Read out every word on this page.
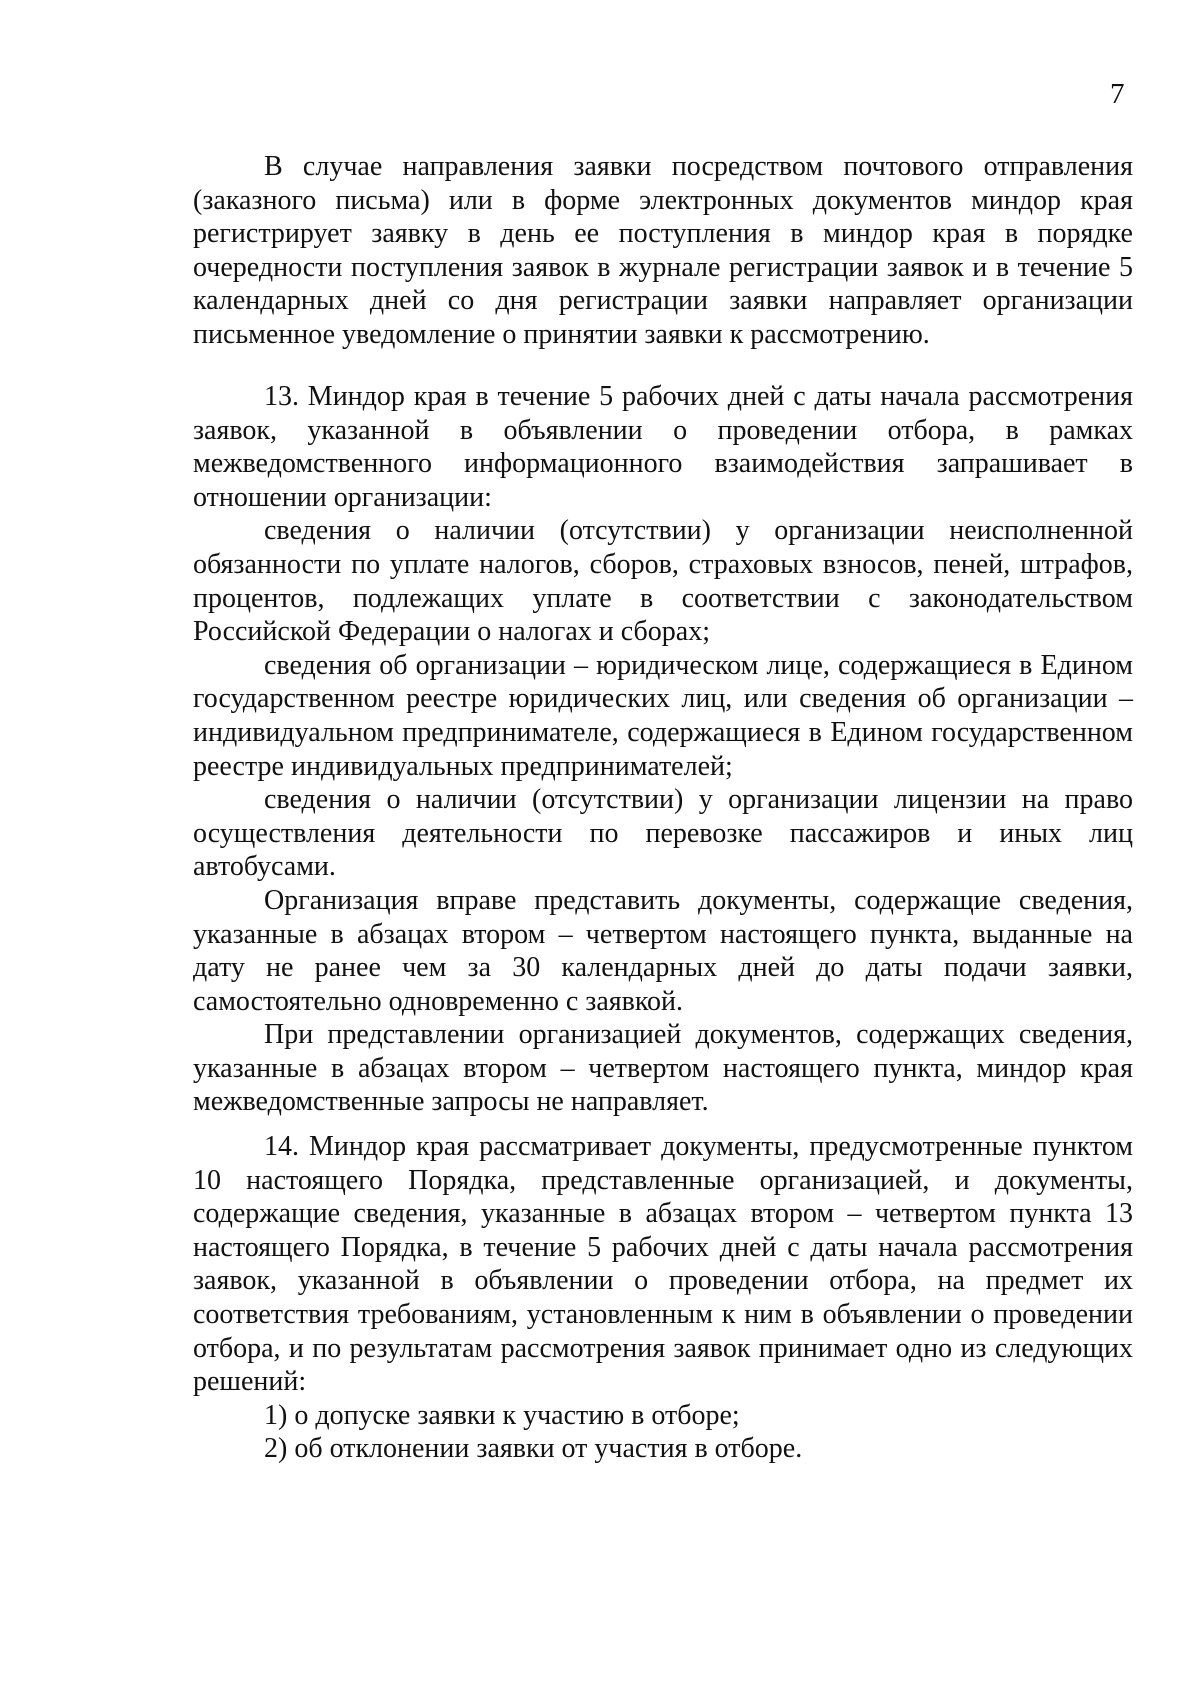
7

В случае направления заявки посредством почтового отправления (заказного письма) или в форме электронных документов миндор края регистрирует заявку в день ее поступления в миндор края в порядке очередности поступления заявок в журнале регистрации заявок и в течение 5 календарных дней со дня регистрации заявки направляет организации письменное уведомление о принятии заявки к рассмотрению.

13. Миндор края в течение 5 рабочих дней с даты начала рассмотрения заявок, указанной в объявлении о проведении отбора, в рамках межведомственного информационного взаимодействия запрашивает в отношении организации:

сведения о наличии (отсутствии) у организации неисполненной обязанности по уплате налогов, сборов, страховых взносов, пеней, штрафов, процентов, подлежащих уплате в соответствии с законодательством Российской Федерации о налогах и сборах;

сведения об организации – юридическом лице, содержащиеся в Едином государственном реестре юридических лиц, или сведения об организации – индивидуальном предпринимателе, содержащиеся в Едином государственном реестре индивидуальных предпринимателей;

сведения о наличии (отсутствии) у организации лицензии на право осуществления деятельности по перевозке пассажиров и иных лиц автобусами.

Организация вправе представить документы, содержащие сведения, указанные в абзацах втором – четвертом настоящего пункта, выданные на дату не ранее чем за 30 календарных дней до даты подачи заявки, самостоятельно одновременно с заявкой.

При представлении организацией документов, содержащих сведения, указанные в абзацах втором – четвертом настоящего пункта, миндор края межведомственные запросы не направляет.

14. Миндор края рассматривает документы, предусмотренные пунктом 10 настоящего Порядка, представленные организацией, и документы, содержащие сведения, указанные в абзацах втором – четвертом пункта 13 настоящего Порядка, в течение 5 рабочих дней с даты начала рассмотрения заявок, указанной в объявлении о проведении отбора, на предмет их соответствия требованиям, установленным к ним в объявлении о проведении отбора, и по результатам рассмотрения заявок принимает одно из следующих решений:

1) о допуске заявки к участию в отборе;

2) об отклонении заявки от участия в отборе.
